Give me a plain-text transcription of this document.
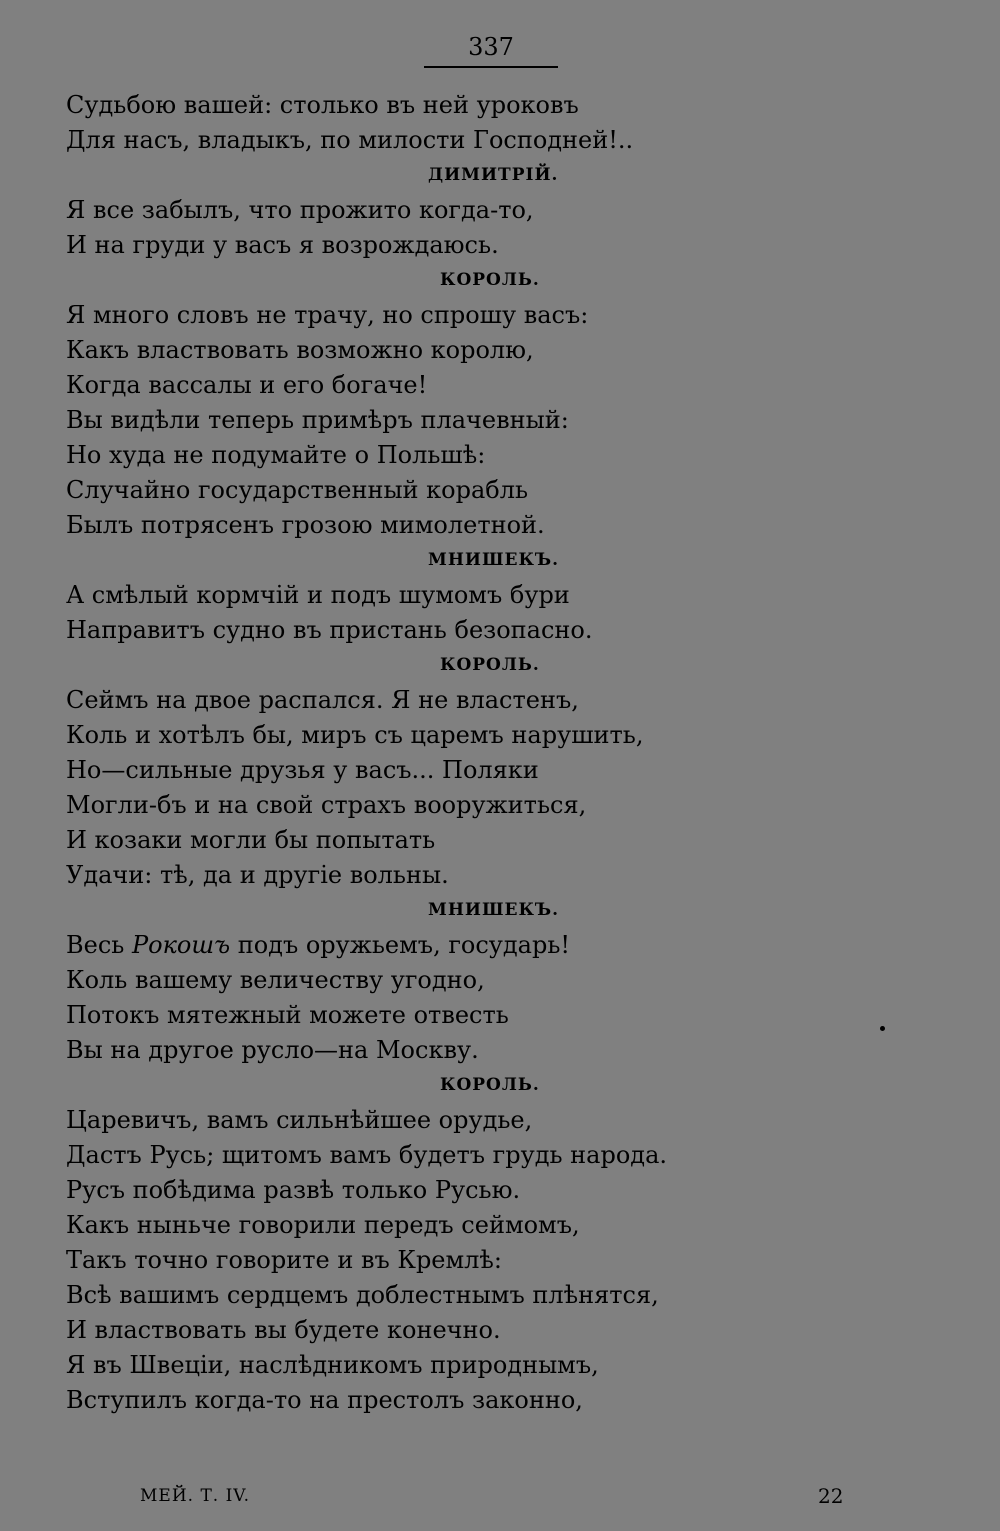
337
Судьбою вашей: столько въ ней уроковъ
Для насъ, владыкъ, по милости Господней!..
ДИМИТРІЙ.
Я все забылъ, что прожито когда-то,
И на груди у васъ я возрождаюсь.
КОРОЛЬ.
Я много словъ не трачу, но спрошу васъ:
Какъ властвовать возможно королю,
Когда вассалы и его богаче!
Вы видѣли теперь примѣръ плачевный:
Но худа не подумайте о Польшѣ:
Случайно государственный корабль
Былъ потрясенъ грозою мимолетной.
МНИШЕКЪ.
А смѣлый кормчій и подъ шумомъ бури
Направитъ судно въ пристань безопасно.
КОРОЛЬ.
Сеймъ на двое распался. Я не властенъ,
Коль и хотѣлъ бы, миръ съ царемъ нарушить,
Но—сильные друзья у васъ... Поляки
Могли-бъ и на свой страхъ вооружиться,
И козаки могли бы попытать
Удачи: тѣ, да и другіе вольны.
МНИШЕКЪ.
Весь Рокошъ подъ оружьемъ, государь!
Коль вашему величеству угодно,
Потокъ мятежный можете отвесть
Вы на другое русло—на Москву.
КОРОЛЬ.
Царевичъ, вамъ сильнѣйшее орудье,
Дастъ Русь; щитомъ вамъ будетъ грудь народа.
Русъ побѣдима развѣ только Русью.
Какъ ныньче говорили передъ сеймомъ,
Такъ точно говорите и въ Кремлѣ:
Всѣ вашимъ сердцемъ доблестнымъ плѣнятся,
И властвовать вы будете конечно.
Я въ Швеціи, наслѣдникомъ природнымъ,
Вступилъ когда-то на престолъ законно,
МЕЙ. Т. IV.	22
